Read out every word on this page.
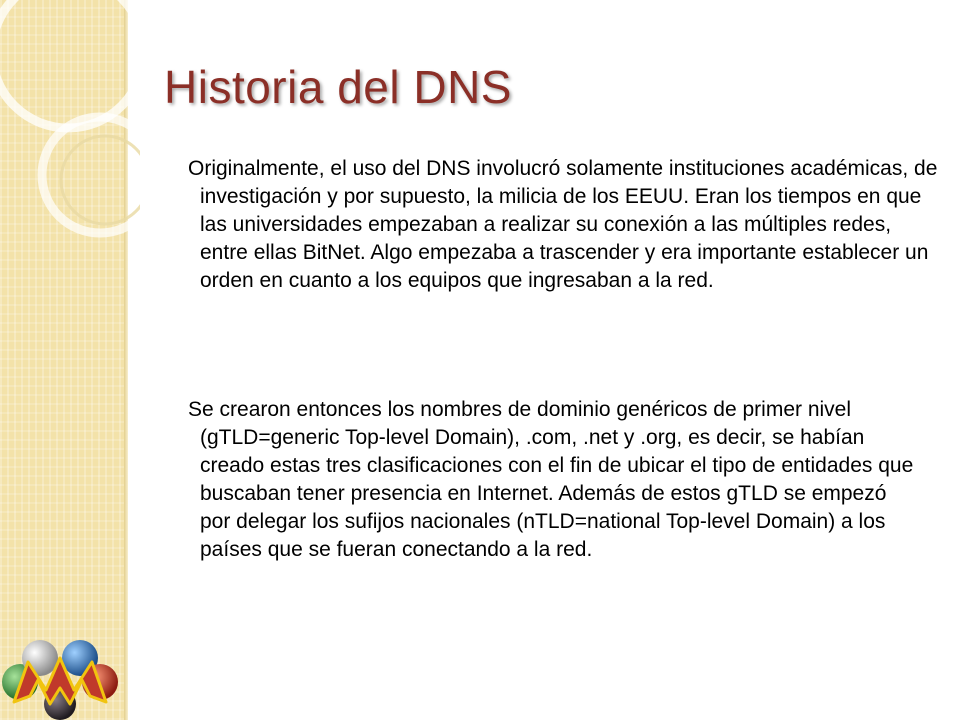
Historia del DNS

Originalmente, el uso del DNS involucró solamente instituciones académicas, de investigación y por supuesto, la milicia de los EEUU. Eran los tiempos en que las universidades empezaban a realizar su conexión a las múltiples redes, entre ellas BitNet. Algo empezaba a trascender y era importante establecer un orden en cuanto a los equipos que ingresaban a la red.

Se crearon entonces los nombres de dominio genéricos de primer nivel (gTLD=generic Top-level Domain), .com, .net y .org, es decir, se habían creado estas tres clasificaciones con el fin de ubicar el tipo de entidades que buscaban tener presencia en Internet. Además de estos gTLD se empezó por delegar los sufijos nacionales (nTLD=national Top-level Domain) a los países que se fueran conectando a la red.
